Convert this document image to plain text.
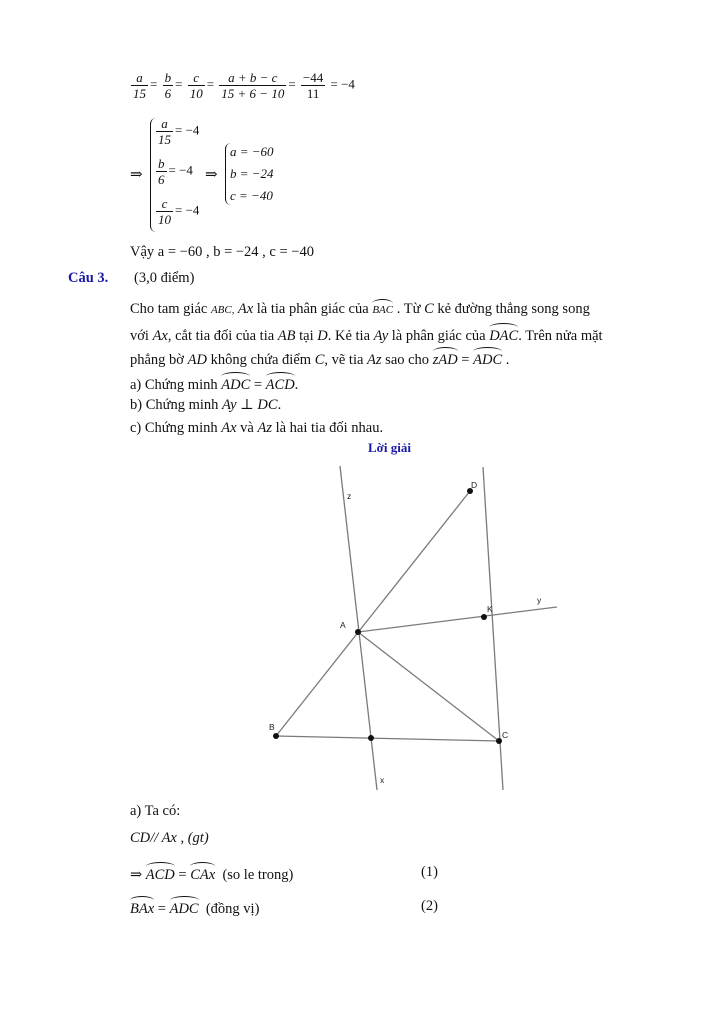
$\frac{a}{15} = \frac{b}{6} = \frac{c}{10} = \frac{a + b - c}{15 + 6 - 10} = \frac{-44}{11} = -4$
⇒
$\frac{a}{15} = -4$
$\frac{b}{6} = -4$
$\frac{c}{10} = -4$
⇒
a = −60
b = −24
c = −40
Vậy a = −60 , b = −24 , c = −40
Câu 3. (3,0 điểm)
Cho tam giác ABC, Ax là tia phân giác của BAC . Từ C kẻ đường thẳng song song
với Ax, cắt tia đối của tia AB tại D. Kẻ tia Ay là phân giác của DAC. Trên nửa mặt
phẳng bờ AD không chứa điểm C, vẽ tia Az sao cho zAD = ADC .
a) Chứng minh ADC = ACD.
b) Chứng minh Ay ⊥ DC.
c) Chứng minh Ax và Az là hai tia đối nhau.
Lời giải
D
z
y
K
A
B
C
x
a) Ta có:
CD// Ax , (gt)
⇒ ACD = CAx (so le trong)	(1)
BAx = ADC (đồng vị)	(2)
